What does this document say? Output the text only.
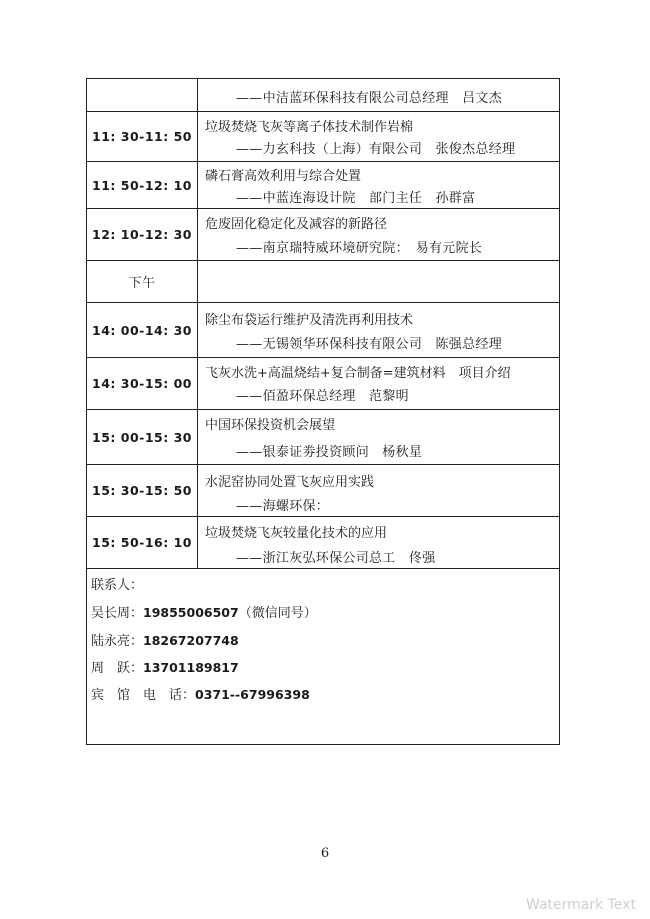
——中洁蓝环保科技有限公司总经理　吕文杰
11: 30-11: 50
垃圾焚烧飞灰等离子体技术制作岩棉
——力玄科技（上海）有限公司　张俊杰总经理
11: 50-12: 10
磷石膏高效利用与综合处置
——中蓝连海设计院　部门主任　孙群富
12: 10-12: 30
危废固化稳定化及减容的新路径
——南京瑞特威环境研究院：　易有元院长
下午
14: 00-14: 30
除尘布袋运行维护及清洗再利用技术
——无锡领华环保科技有限公司　陈强总经理
14: 30-15: 00
飞灰水洗+高温烧结+复合制备=建筑材料　项目介绍
——佰盈环保总经理　范黎明
15: 00-15: 30
中国环保投资机会展望
——银泰证劵投资顾问　杨秋星
15: 30-15: 50
水泥窑协同处置飞灰应用实践
——海螺环保：
15: 50-16: 10
垃圾焚烧飞灰较量化技术的应用
——浙江灰弘环保公司总工　佟强
联系人：
吴长周：19855006507（微信同号）
陆永亮：18267207748
周　跃：13701189817
宾　馆　电　话：0371--67996398
6
Watermark Text
